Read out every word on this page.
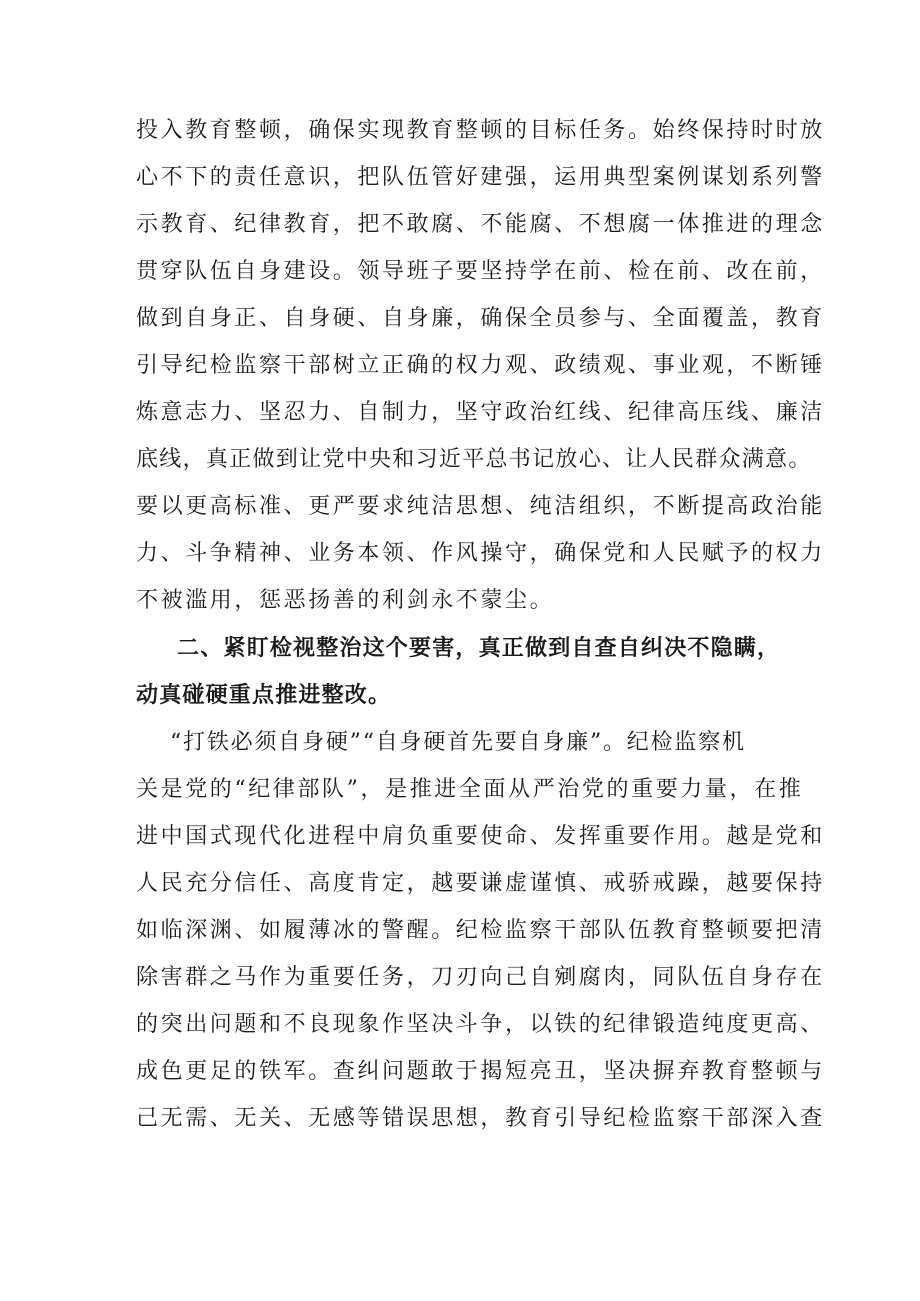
投入教育整顿，确保实现教育整顿的目标任务。始终保持时时放
心不下的责任意识，把队伍管好建强，运用典型案例谋划系列警
示教育、纪律教育，把不敢腐、不能腐、不想腐一体推进的理念
贯穿队伍自身建设。领导班子要坚持学在前、检在前、改在前，
做到自身正、自身硬、自身廉，确保全员参与、全面覆盖，教育
引导纪检监察干部树立正确的权力观、政绩观、事业观，不断锤
炼意志力、坚忍力、自制力，坚守政治红线、纪律高压线、廉洁
底线，真正做到让党中央和习近平总书记放心、让人民群众满意。
要以更高标准、更严要求纯洁思想、纯洁组织，不断提高政治能
力、斗争精神、业务本领、作风操守，确保党和人民赋予的权力
不被滥用，惩恶扬善的利剑永不蒙尘。
二、紧盯检视整治这个要害，真正做到自查自纠决不隐瞒，
动真碰硬重点推进整改。
“打铁必须自身硬”“自身硬首先要自身廉”。纪检监察机
关是党的“纪律部队”，是推进全面从严治党的重要力量，在推
进中国式现代化进程中肩负重要使命、发挥重要作用。越是党和
人民充分信任、高度肯定，越要谦虚谨慎、戒骄戒躁，越要保持
如临深渊、如履薄冰的警醒。纪检监察干部队伍教育整顿要把清
除害群之马作为重要任务，刀刃向己自剜腐肉，同队伍自身存在
的突出问题和不良现象作坚决斗争，以铁的纪律锻造纯度更高、
成色更足的铁军。查纠问题敢于揭短亮丑，坚决摒弃教育整顿与
己无需、无关、无感等错误思想，教育引导纪检监察干部深入查
